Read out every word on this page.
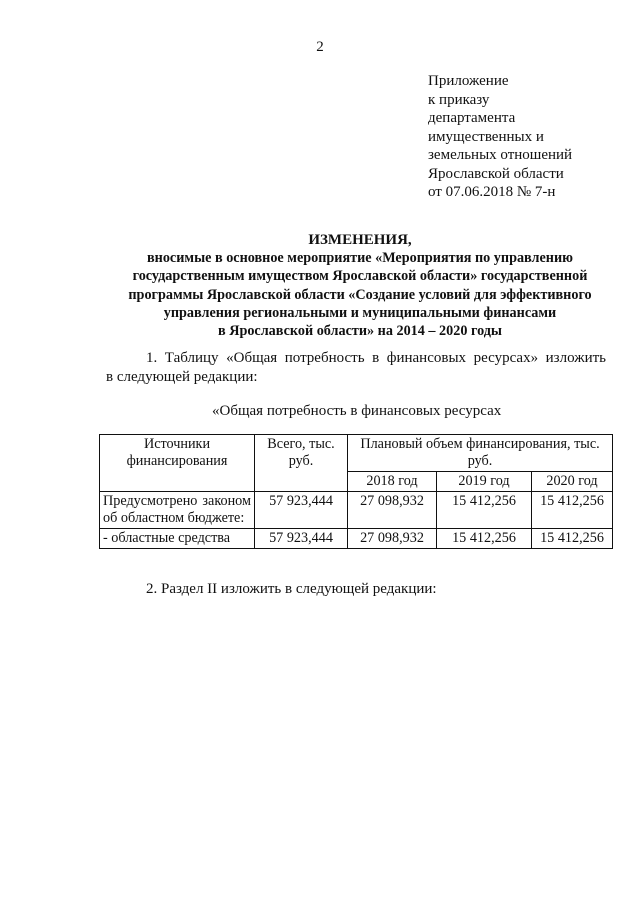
2
Приложение
к приказу
департамента
имущественных и
земельных отношений
Ярославской области
от 07.06.2018 № 7-н
ИЗМЕНЕНИЯ,
вносимые в основное мероприятие «Мероприятия по управлению
государственным имуществом Ярославской области» государственной
программы Ярославской области «Создание условий для эффективного
управления региональными и муниципальными финансами
в Ярославской области» на 2014 – 2020 годы
1. Таблицу «Общая потребность в финансовых ресурсах» изложить
в следующей редакции:
«Общая потребность в финансовых ресурсах
Источники финансирования	Всего, тыс. руб.	Плановый объем финансирования, тыс. руб.		
		2018 год	2019 год	2020 год
Предусмотрено законом об областном бюджете:	57 923,444	27 098,932	15 412,256	15 412,256
- областные средства	57 923,444	27 098,932	15 412,256	15 412,256
2. Раздел II изложить в следующей редакции:
